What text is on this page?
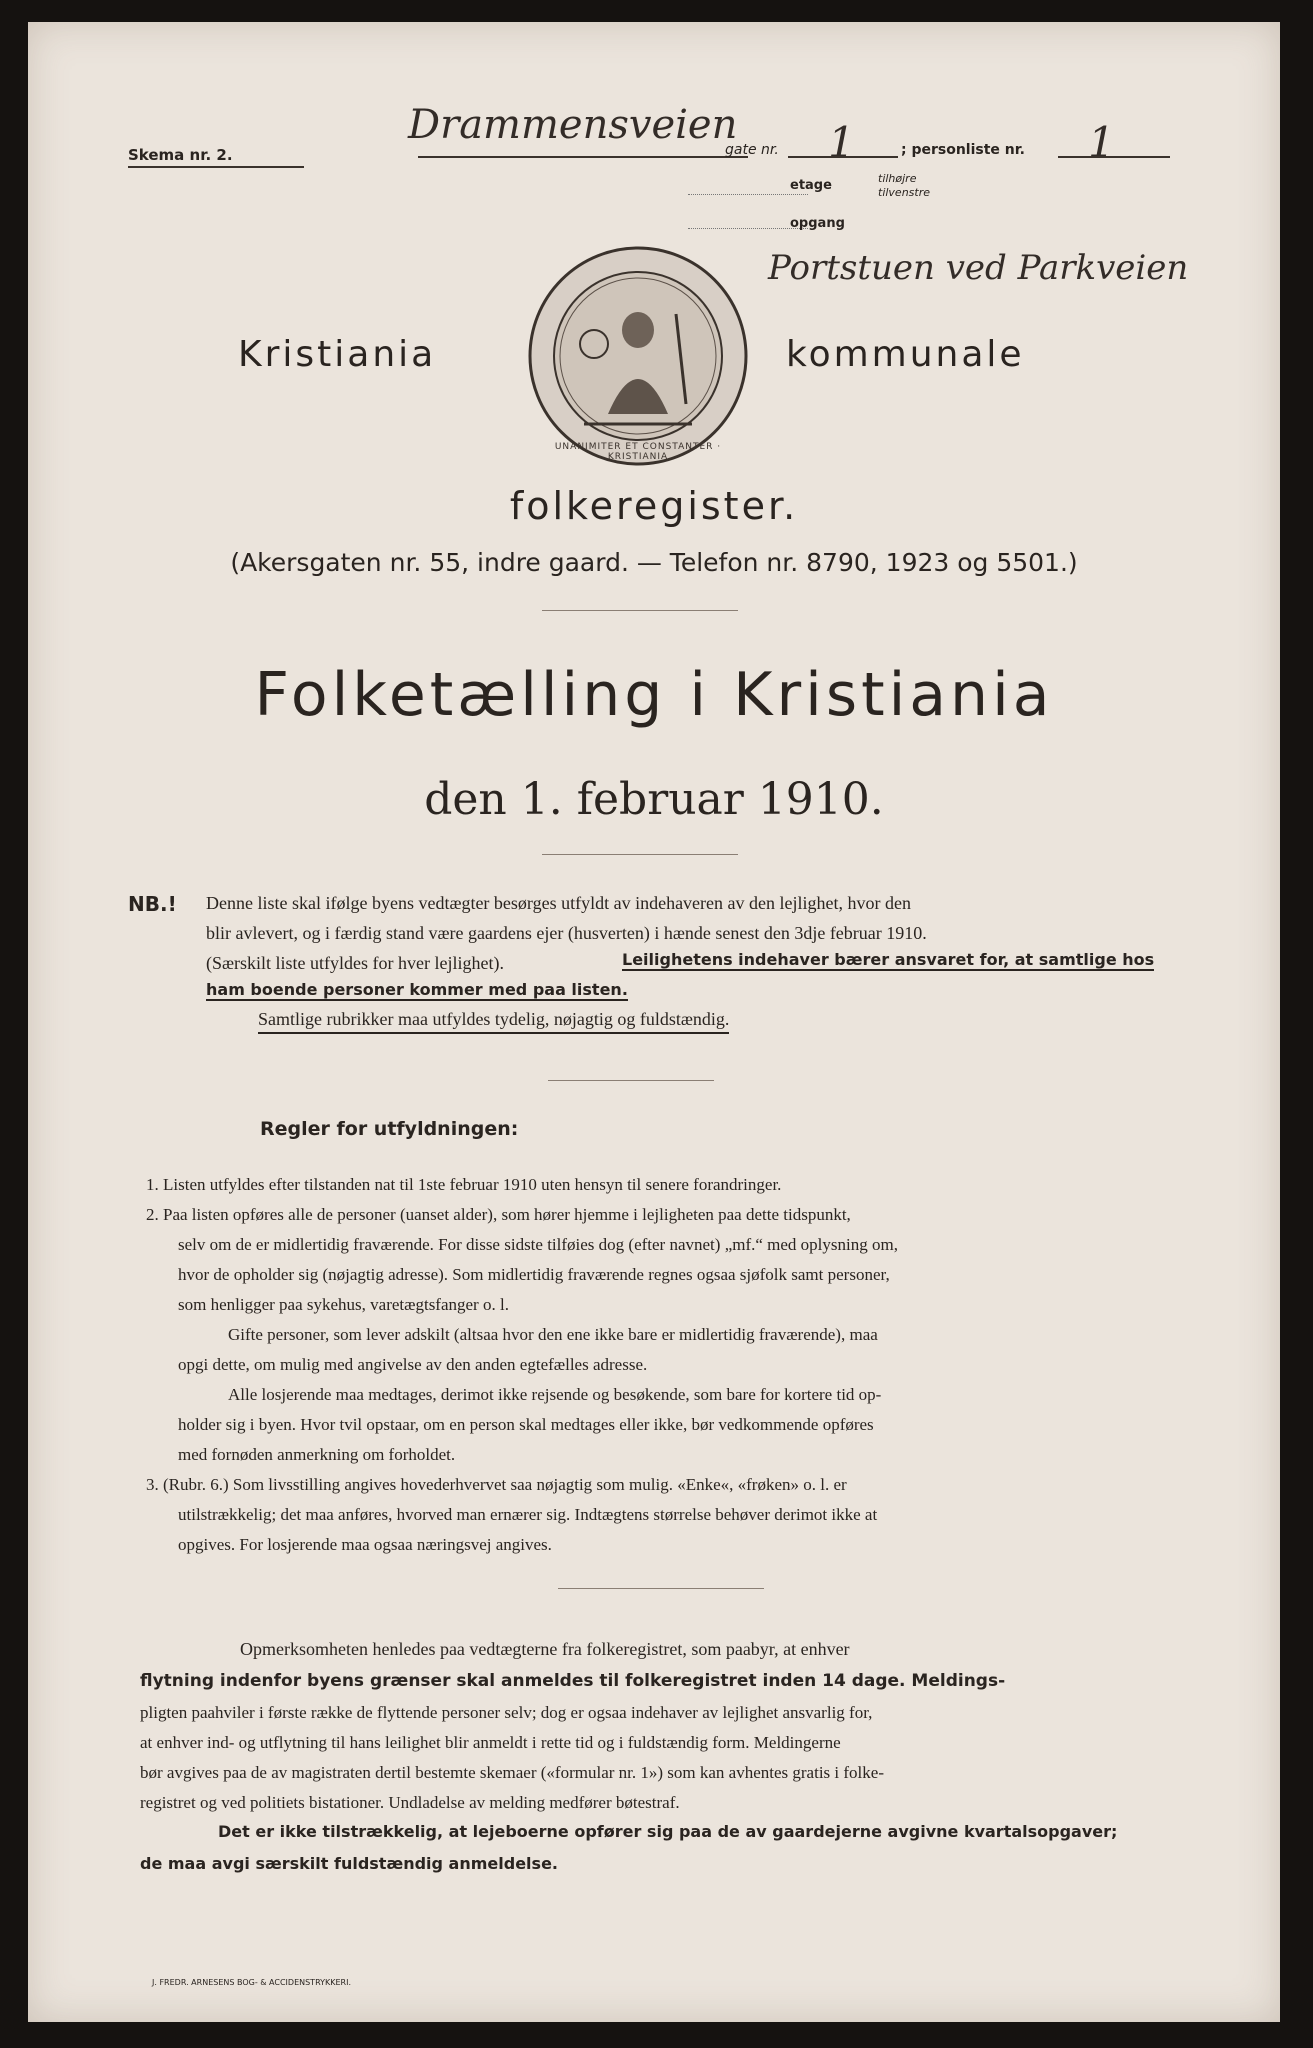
Skema nr. 2.
Drammensveien
gate nr. 1	; personliste nr. 1
etage	tilhøjre
tilvenstre
opgang
Portstuen ved Parkveien
Kristiania
UNANIMITER ET CONSTANTER · KRISTIANIA
kommunale
folkeregister.
(Akersgaten nr. 55, indre gaard. — Telefon nr. 8790, 1923 og 5501.)
Folketælling i Kristiania
den 1. februar 1910.
NB.! Denne liste skal ifølge byens vedtægter besørges utfyldt av indehaveren av den lejlighet, hvor den
blir avlevert, og i færdig stand være gaardens ejer (husverten) i hænde senest den 3dje februar 1910.
(Særskilt liste utfyldes for hver lejlighet).	Leilighetens indehaver bærer ansvaret for, at samtlige hos
ham boende personer kommer med paa listen.
Samtlige rubrikker maa utfyldes tydelig, nøjagtig og fuldstændig.
Regler for utfyldningen:
1. Listen utfyldes efter tilstanden nat til 1ste februar 1910 uten hensyn til senere forandringer.
2. Paa listen opføres alle de personer (uanset alder), som hører hjemme i lejligheten paa dette tidspunkt,
selv om de er midlertidig fraværende. For disse sidste tilføies dog (efter navnet) „mf.“ med oplysning om,
hvor de opholder sig (nøjagtig adresse). Som midlertidig fraværende regnes ogsaa sjøfolk samt personer,
som henligger paa sykehus, varetægtsfanger o. l.
Gifte personer, som lever adskilt (altsaa hvor den ene ikke bare er midlertidig fraværende), maa
opgi dette, om mulig med angivelse av den anden egtefælles adresse.
Alle losjerende maa medtages, derimot ikke rejsende og besøkende, som bare for kortere tid op-
holder sig i byen. Hvor tvil opstaar, om en person skal medtages eller ikke, bør vedkommende opføres
med fornøden anmerkning om forholdet.
3. (Rubr. 6.) Som livsstilling angives hovederhvervet saa nøjagtig som mulig. «Enke«, «frøken» o. l. er
utilstrækkelig; det maa anføres, hvorved man ernærer sig. Indtægtens størrelse behøver derimot ikke at
opgives. For losjerende maa ogsaa næringsvej angives.
Opmerksomheten henledes paa vedtægterne fra folkeregistret, som paabyr, at enhver
flytning indenfor byens grænser skal anmeldes til folkeregistret inden 14 dage. Meldings-
pligten paahviler i første række de flyttende personer selv; dog er ogsaa indehaver av lejlighet ansvarlig for,
at enhver ind- og utflytning til hans leilighet blir anmeldt i rette tid og i fuldstændig form. Meldingerne
bør avgives paa de av magistraten dertil bestemte skemaer («formular nr. 1») som kan avhentes gratis i folke-
registret og ved politiets bistationer. Undladelse av melding medfører bøtestraf.
Det er ikke tilstrækkelig, at lejeboerne opfører sig paa de av gaardejerne avgivne kvartalsopgaver;
de maa avgi særskilt fuldstændig anmeldelse.
J. FREDR. ARNESENS BOG- & ACCIDENSTRYKKERI.
